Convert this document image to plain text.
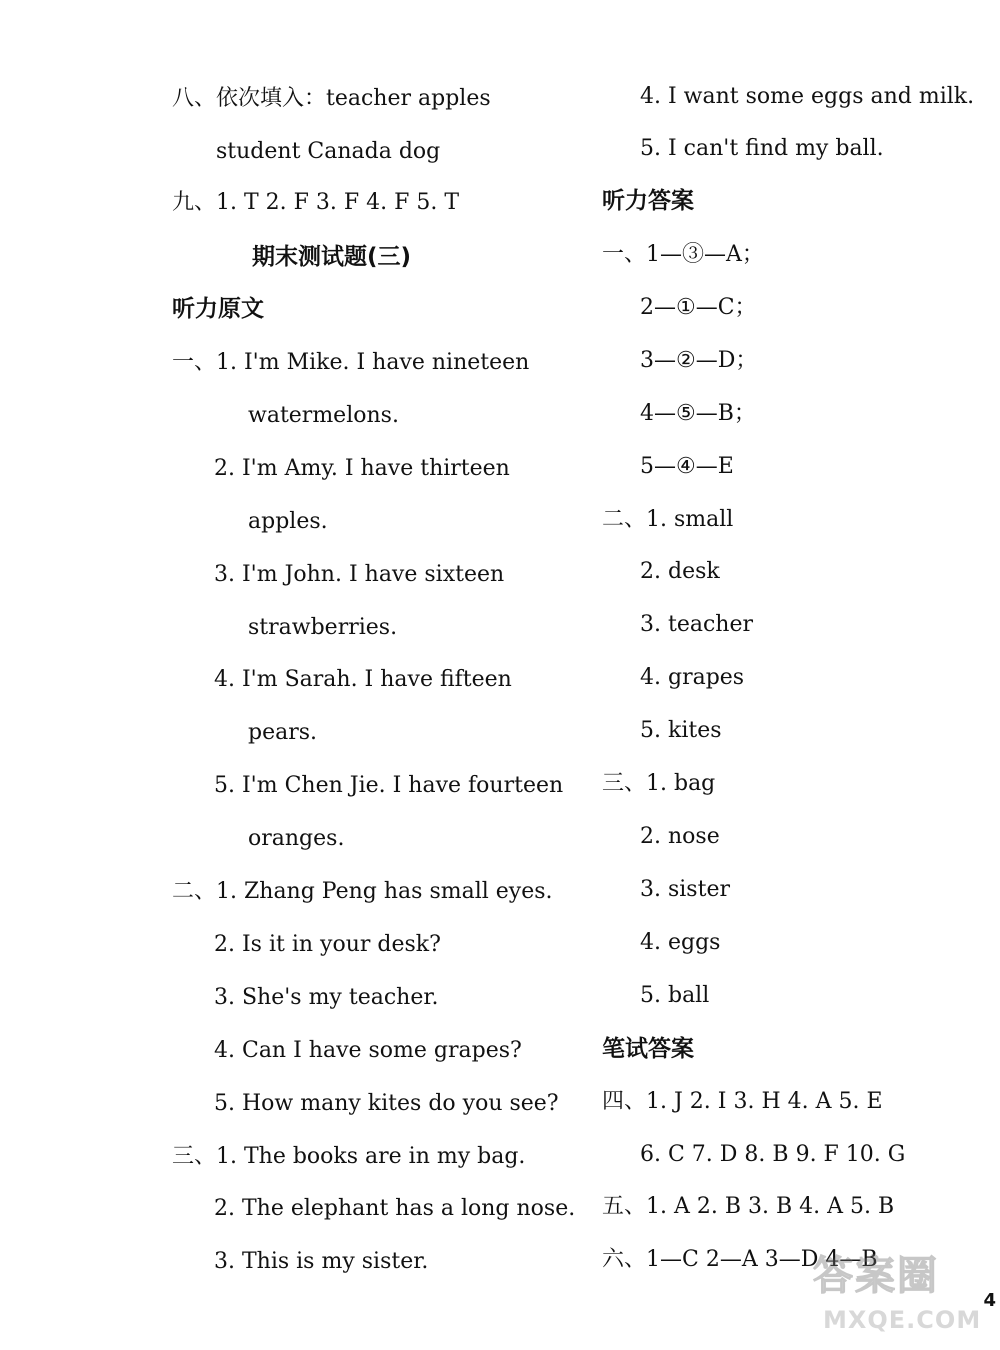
八、依次填入：teacher apples
student Canada dog
九、1. T 2. F 3. F 4. F 5. T
期末测试题(三)
听力原文
一、1. I'm Mike. I have nineteen
watermelons.
2. I'm Amy. I have thirteen
apples.
3. I'm John. I have sixteen
strawberries.
4. I'm Sarah. I have fifteen
pears.
5. I'm Chen Jie. I have fourteen
oranges.
二、1. Zhang Peng has small eyes.
2. Is it in your desk?
3. She's my teacher.
4. Can I have some grapes?
5. How many kites do you see?
三、1. The books are in my bag.
2. The elephant has a long nose.
3. This is my sister.
4. I want some eggs and milk.
5. I can't find my ball.
听力答案
一、1—③—A；
2—①—C；
3—②—D；
4—⑤—B；
5—④—E
二、1. small
2. desk
3. teacher
4. grapes
5. kites
三、1. bag
2. nose
3. sister
4. eggs
5. ball
笔试答案
四、1. J 2. I 3. H 4. A 5. E
6. C 7. D 8. B 9. F 10. G
五、1. A 2. B 3. B 4. A 5. B
六、1—C 2—A 3—D 4—B
4
答案圈
MXQE.COM
